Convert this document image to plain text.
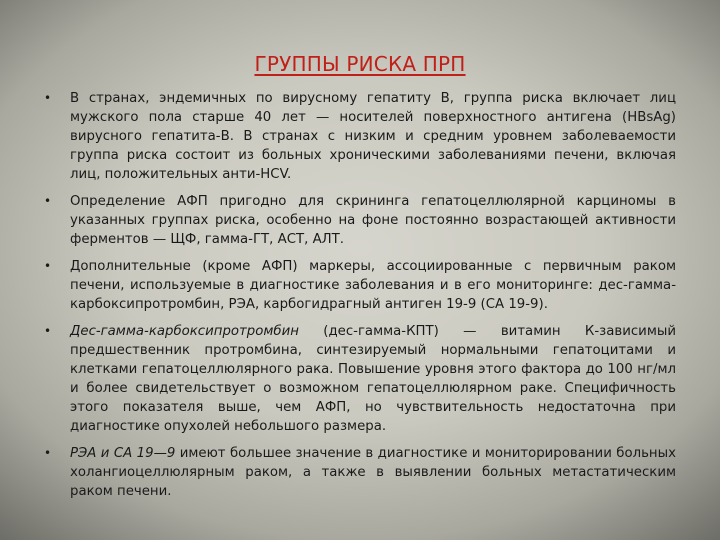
ГРУППЫ РИСКА ПРП
• В странах, эндемичных по вирусному гепатиту В, группа риска включает лиц мужского пола старше 40 лет — носителей поверхностного антигена (HBsAg) вирусного гепатита-В. В странах с низким и средним уровнем заболеваемости группа риска состоит из больных хроническими заболеваниями печени, включая лиц, положительных анти-HCV.
• Определение АФП пригодно для скрининга гепатоцеллюлярной карциномы в указанных группах риска, особенно на фоне постоянно возрастающей активности ферментов — ЩФ, гамма-ГТ, АСТ, АЛТ.
• Дополнительные (кроме АФП) маркеры, ассоциированные с первичным раком печени, используемые в диагностике заболевания и в его мониторинге: дес-гамма-карбоксипротромбин, РЭА, карбогидрагный антиген 19-9 (СА 19-9).
• Дес-гамма-карбоксипротромбин (дес-гамма-КПТ) — витамин К-зависимый предшественник протромбина, синтезируемый нормальными гепатоцитами и клетками гепатоцеллюлярного рака. Повышение уровня этого фактора до 100 нг/мл и более свидетельствует о возможном гепатоцеллюлярном раке. Специфичность этого показателя выше, чем АФП, но чувствительность недостаточна при диагностике опухолей небольшого размера.
• РЭА и СА 19—9 имеют большее значение в диагностике и мониторировании больных холангиоцеллюлярным раком, а также в выявлении больных метастатическим раком печени.
